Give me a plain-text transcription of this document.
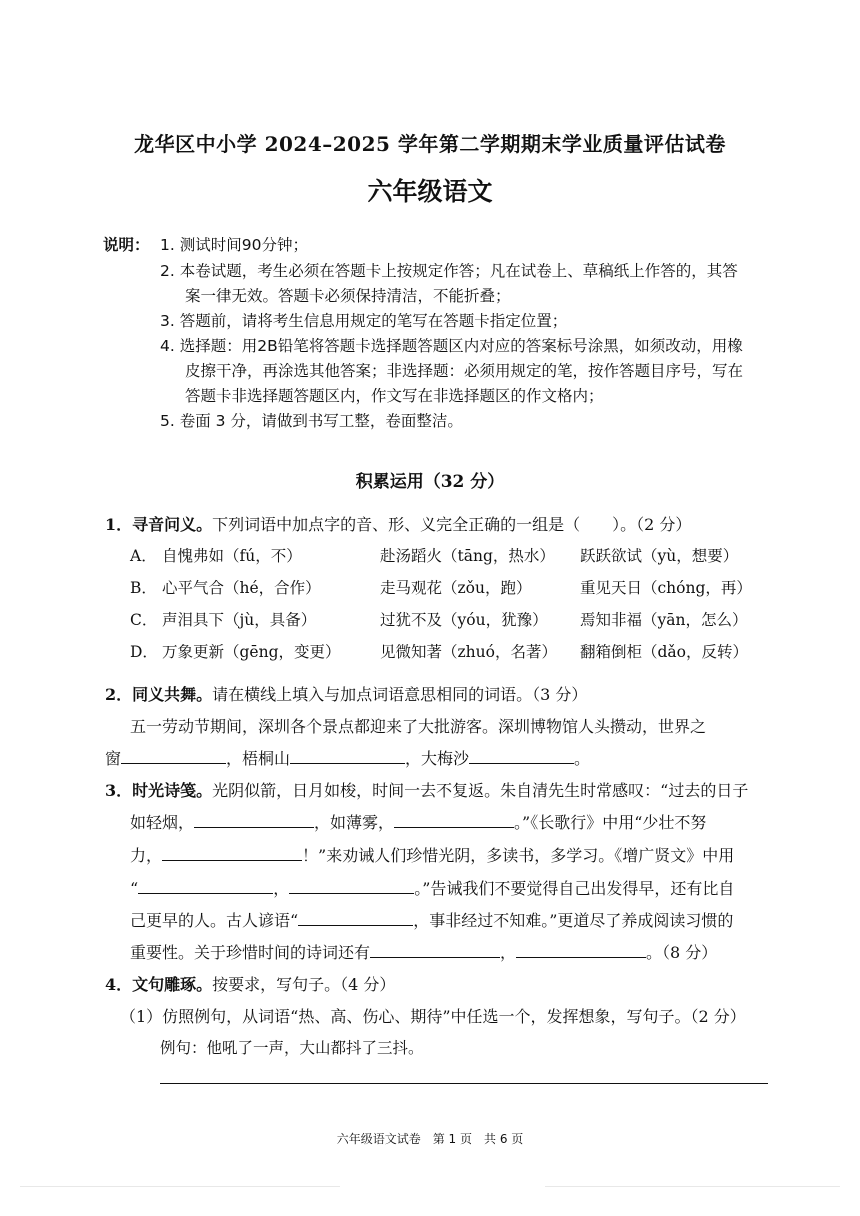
龙华区中小学 2024–2025 学年第二学期期末学业质量评估试卷
六年级语文
说明： 1. 测试时间90分钟；
2. 本卷试题，考生必须在答题卡上按规定作答；凡在试卷上、草稿纸上作答的，其答
案一律无效。答题卡必须保持清洁，不能折叠；
3. 答题前，请将考生信息用规定的笔写在答题卡指定位置；
4. 选择题：用2B铅笔将答题卡选择题答题区内对应的答案标号涂黑，如须改动，用橡
皮擦干净，再涂选其他答案；非选择题：必须用规定的笔，按作答题目序号，写在
答题卡非选择题答题区内，作文写在非选择题区的作文格内；
5. 卷面 3 分，请做到书写工整，卷面整洁。
积累运用（32 分）
1．寻音问义。下列词语中加点字的音、形、义完全正确的一组是（　　）。（2 分）
A． 自愧弗如（fú，不）	赴汤蹈火（tāng，热水） 跃跃欲试（yù，想要）
B． 心平气合（hé，合作）	走马观花（zǒu，跑）	重见天日（chóng，再）
C． 声泪具下（jù，具备）	过犹不及（yóu，犹豫） 焉知非福（yān，怎么）
D． 万象更新（gēng，变更）	见微知著（zhuó，名著） 翻箱倒柜（dǎo，反转）
2．同义共舞。请在横线上填入与加点词语意思相同的词语。（3 分）
五一劳动节期间，深圳各个景点都迎来了大批游客。深圳博物馆人头攒动，世界之
窗	，梧桐山	，大梅沙	。
3．时光诗笺。光阴似箭，日月如梭，时间一去不复返。朱自清先生时常感叹：“过去的日子
如轻烟，	，如薄雾，	。”《长歌行》中用“少壮不努
力，	！”来劝诫人们珍惜光阴，多读书，多学习。《增广贤文》中用
“	，	。”告诫我们不要觉得自己出发得早，还有比自
己更早的人。古人谚语“	，事非经过不知难。”更道尽了养成阅读习惯的
重要性。关于珍惜时间的诗词还有	，	。（8 分）
4．文句雕琢。按要求，写句子。（4 分）
（1）仿照例句，从词语“热、高、伤心、期待”中任选一个，发挥想象，写句子。（2 分）
例句：他吼了一声，大山都抖了三抖。
六年级语文试卷　第 1 页　共 6 页
